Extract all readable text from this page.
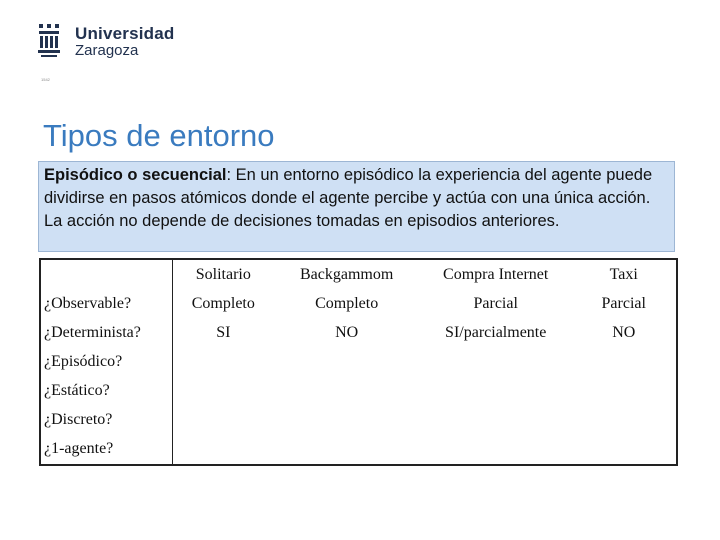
Universidad
Zaragoza
1542
Tipos de entorno
Episódico o secuencial: En un entorno episódico la experiencia del agente puede dividirse en pasos atómicos donde el agente percibe y actúa con una única acción. La acción no depende de decisiones tomadas en episodios anteriores.
	Solitario	Backgammom	Compra Internet	Taxi
¿Observable?	Completo	Completo	Parcial	Parcial
¿Determinista?	SI	NO	SI/parcialmente	NO
¿Episódico?				
¿Estático?				
¿Discreto?				
¿1-agente?				
